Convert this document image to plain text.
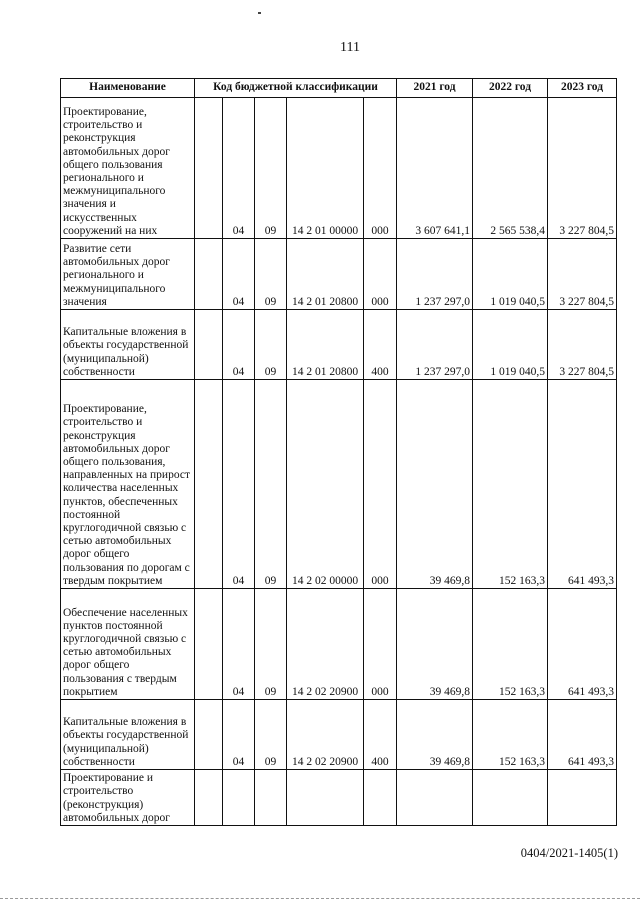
111
Наименование	Код бюджетной классификации					2021 год	2022 год	2023 год
Проектирование, строительство и реконструкция автомобильных дорог общего пользования регионального и межмуниципального значения и искусственных сооружений на них		04	09	14 2 01 00000	000	3 607 641,1	2 565 538,4	3 227 804,5
Развитие сети автомобильных дорог регионального и межмуниципального значения		04	09	14 2 01 20800	000	1 237 297,0	1 019 040,5	3 227 804,5
Капитальные вложения в объекты государственной (муниципальной) собственности		04	09	14 2 01 20800	400	1 237 297,0	1 019 040,5	3 227 804,5
Проектирование, строительство и реконструкция автомобильных дорог общего пользования, направленных на прирост количества населенных пунктов, обеспеченных постоянной круглогодичной связью с сетью автомобильных дорог общего пользования по дорогам с твердым покрытием		04	09	14 2 02 00000	000	39 469,8	152 163,3	641 493,3
Обеспечение населенных пунктов постоянной круглогодичной связью с сетью автомобильных дорог общего пользования с твердым покрытием		04	09	14 2 02 20900	000	39 469,8	152 163,3	641 493,3
Капитальные вложения в объекты государственной (муниципальной) собственности		04	09	14 2 02 20900	400	39 469,8	152 163,3	641 493,3
Проектирование и строительство (реконструкция) автомобильных дорог								
0404/2021-1405(1)
